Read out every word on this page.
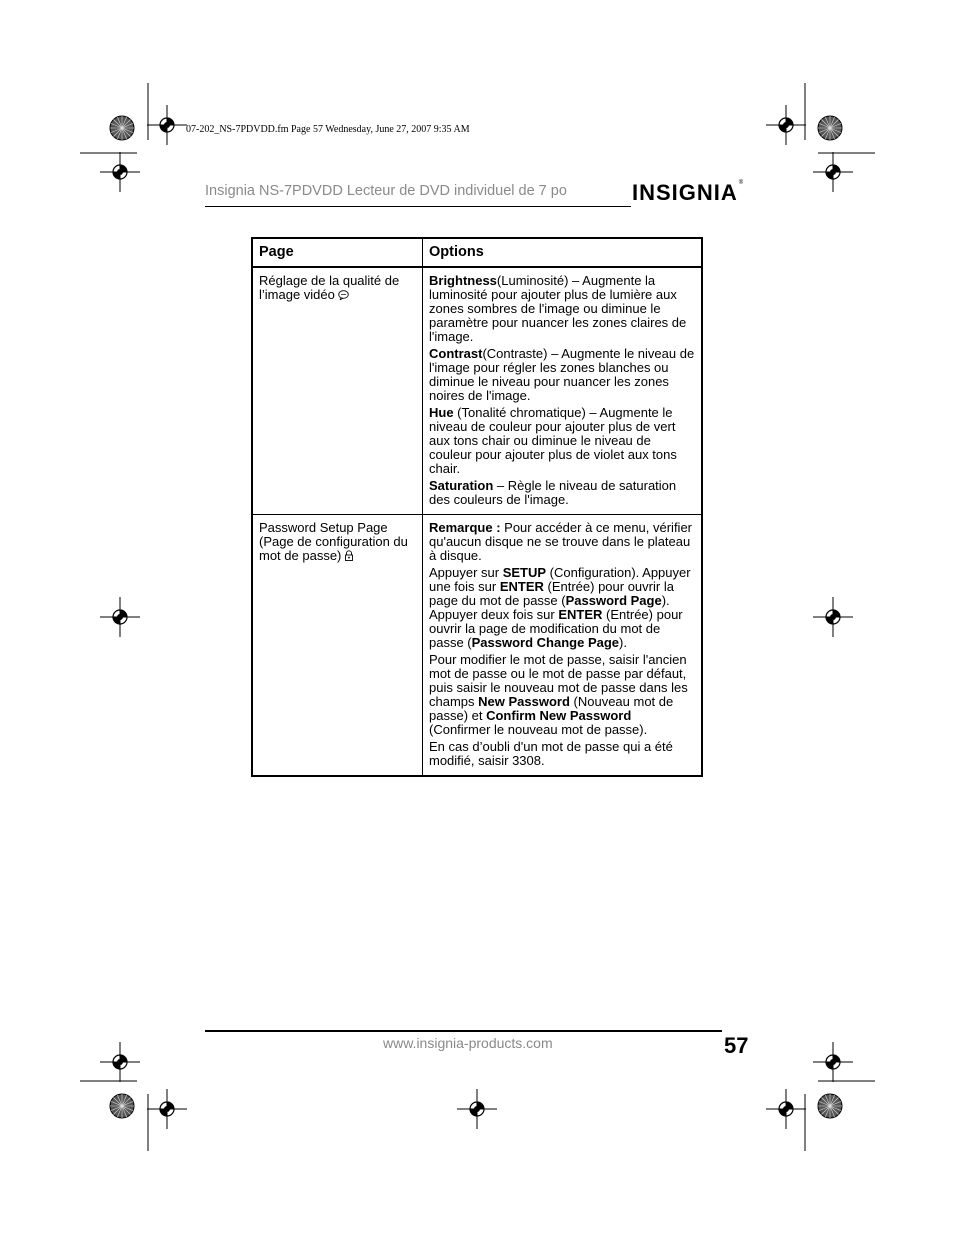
07-202_NS-7PDVDD.fm Page 57 Wednesday, June 27, 2007 9:35 AM
Insignia NS-7PDVDD Lecteur de DVD individuel de 7 po	INSIGNIA®
Page	Options
Réglage de la qualité de l’image vidéo	Brightness(Luminosité) – Augmente la luminosité pour ajouter plus de lumière aux zones sombres de l'image ou diminue le paramètre pour nuancer les zones claires de l'image.

Contrast(Contraste) – Augmente le niveau de l'image pour régler les zones blanches ou diminue le niveau pour nuancer les zones noires de l'image.

Hue (Tonalité chromatique) – Augmente le niveau de couleur pour ajouter plus de vert aux tons chair ou diminue le niveau de couleur pour ajouter plus de violet aux tons chair.

Saturation – Règle le niveau de saturation des couleurs de l'image.

Password Setup Page (Page de configuration du mot de passe)	Remarque : Pour accéder à ce menu, vérifier qu'aucun disque ne se trouve dans le plateau à disque.

Appuyer sur SETUP (Configuration). Appuyer une fois sur ENTER (Entrée) pour ouvrir la page du mot de passe (Password Page). Appuyer deux fois sur ENTER (Entrée) pour ouvrir la page de modification du mot de passe (Password Change Page).

Pour modifier le mot de passe, saisir l'ancien mot de passe ou le mot de passe par défaut, puis saisir le nouveau mot de passe dans les champs New Password (Nouveau mot de passe) et Confirm New Password (Confirmer le nouveau mot de passe).

En cas d’oubli d'un mot de passe qui a été modifié, saisir 3308.

www.insignia-products.com	57
